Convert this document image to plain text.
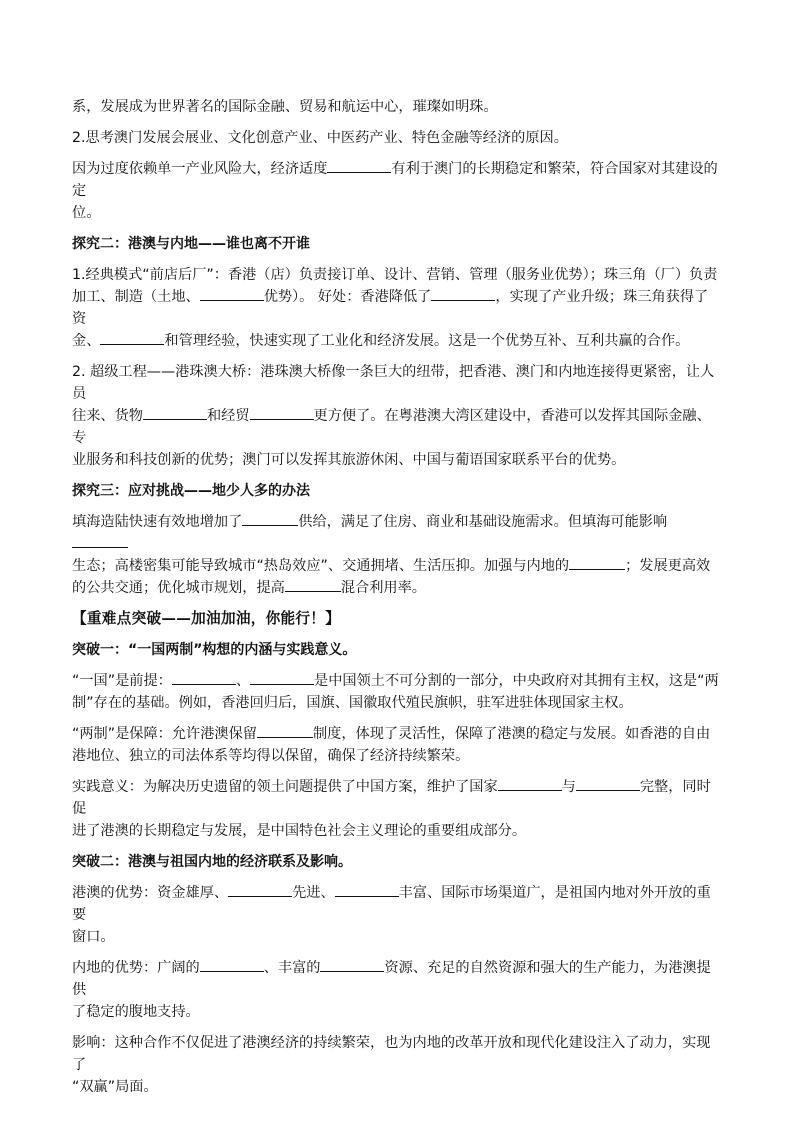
系，发展成为世界著名的国际金融、贸易和航运中心，璀璨如明珠。

2.思考澳门发展会展业、文化创意产业、中医药产业、特色金融等经济的原因。

因为过度依赖单一产业风险大，经济适度	有利于澳门的长期稳定和繁荣，符合国家对其建设的定
位。

探究二：港澳与内地——谁也离不开谁

1.经典模式“前店后厂”：香港（店）负责接订单、设计、营销、管理（服务业优势）；珠三角（厂）负责
加工、制造（土地、	优势）。 好处：香港降低了	，实现了产业升级；珠三角获得了资
金、	和管理经验，快速实现了工业化和经济发展。这是一个优势互补、互利共赢的合作。

2. 超级工程——港珠澳大桥：港珠澳大桥像一条巨大的纽带，把香港、澳门和内地连接得更紧密，让人员
往来、货物	和经贸	更方便了。在粤港澳大湾区建设中，香港可以发挥其国际金融、专
业服务和科技创新的优势；澳门可以发挥其旅游休闲、中国与葡语国家联系平台的优势。

探究三：应对挑战——地少人多的办法

填海造陆快速有效地增加了	供给，满足了住房、商业和基础设施需求。但填海可能影响
生态；高楼密集可能导致城市“热岛效应”、交通拥堵、生活压抑。加强与内地的	；发展更高效
的公共交通；优化城市规划，提高	混合利用率。

【重难点突破——加油加油，你能行！】

突破一：“一国两制”构想的内涵与实践意义。

“一国”是前提：	、	是中国领土不可分割的一部分，中央政府对其拥有主权，这是“两
制”存在的基础。例如，香港回归后，国旗、国徽取代殖民旗帜，驻军进驻体现国家主权。

“两制”是保障：允许港澳保留	制度，体现了灵活性，保障了港澳的稳定与发展。如香港的自由
港地位、独立的司法体系等均得以保留，确保了经济持续繁荣。

实践意义：为解决历史遗留的领土问题提供了中国方案，维护了国家	与	完整，同时促
进了港澳的长期稳定与发展，是中国特色社会主义理论的重要组成部分。

突破二：港澳与祖国内地的经济联系及影响。

港澳的优势：资金雄厚、	先进、	丰富、国际市场渠道广，是祖国内地对外开放的重要
窗口。

内地的优势：广阔的	、丰富的	资源、充足的自然资源和强大的生产能力，为港澳提供
了稳定的腹地支持。

影响：这种合作不仅促进了港澳经济的持续繁荣，也为内地的改革开放和现代化建设注入了动力，实现了
“双赢”局面。
